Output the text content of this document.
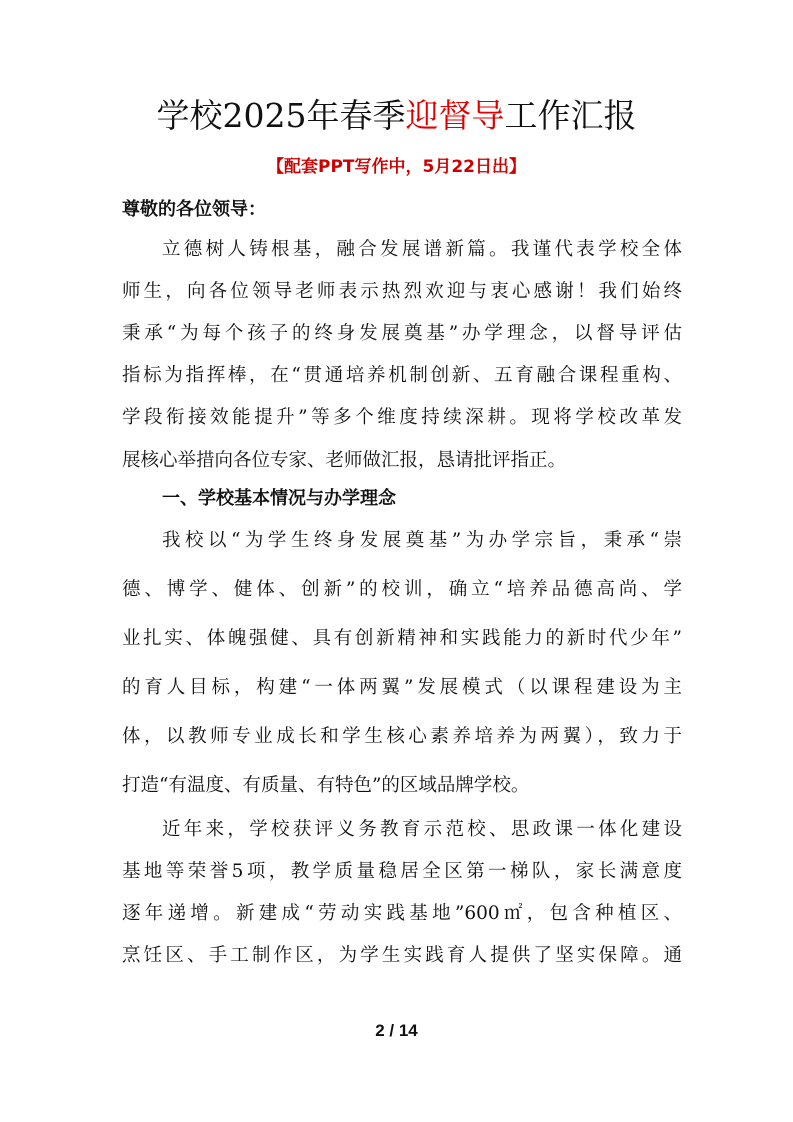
学校2025年春季迎督导工作汇报
【配套PPT写作中，5月22日出】
尊敬的各位领导：
立德树人铸根基，融合发展谱新篇。我谨代表学校全体
师生，向各位领导老师表示热烈欢迎与衷心感谢！我们始终
秉承“为每个孩子的终身发展奠基”办学理念，以督导评估
指标为指挥棒，在“贯通培养机制创新、五育融合课程重构、
学段衔接效能提升”等多个维度持续深耕。现将学校改革发
展核心举措向各位专家、老师做汇报，恳请批评指正。
一、学校基本情况与办学理念
我校以“为学生终身发展奠基”为办学宗旨，秉承“崇
德、博学、健体、创新”的校训，确立“培养品德高尚、学
业扎实、体魄强健、具有创新精神和实践能力的新时代少年”
的育人目标，构建“一体两翼”发展模式（以课程建设为主
体，以教师专业成长和学生核心素养培养为两翼），致力于
打造“有温度、有质量、有特色”的区域品牌学校。
近年来，学校获评义务教育示范校、思政课一体化建设
基地等荣誉5项，教学质量稳居全区第一梯队，家长满意度
逐年递增。新建成“劳动实践基地”600㎡，包含种植区、
烹饪区、手工制作区，为学生实践育人提供了坚实保障。通
2 / 14
